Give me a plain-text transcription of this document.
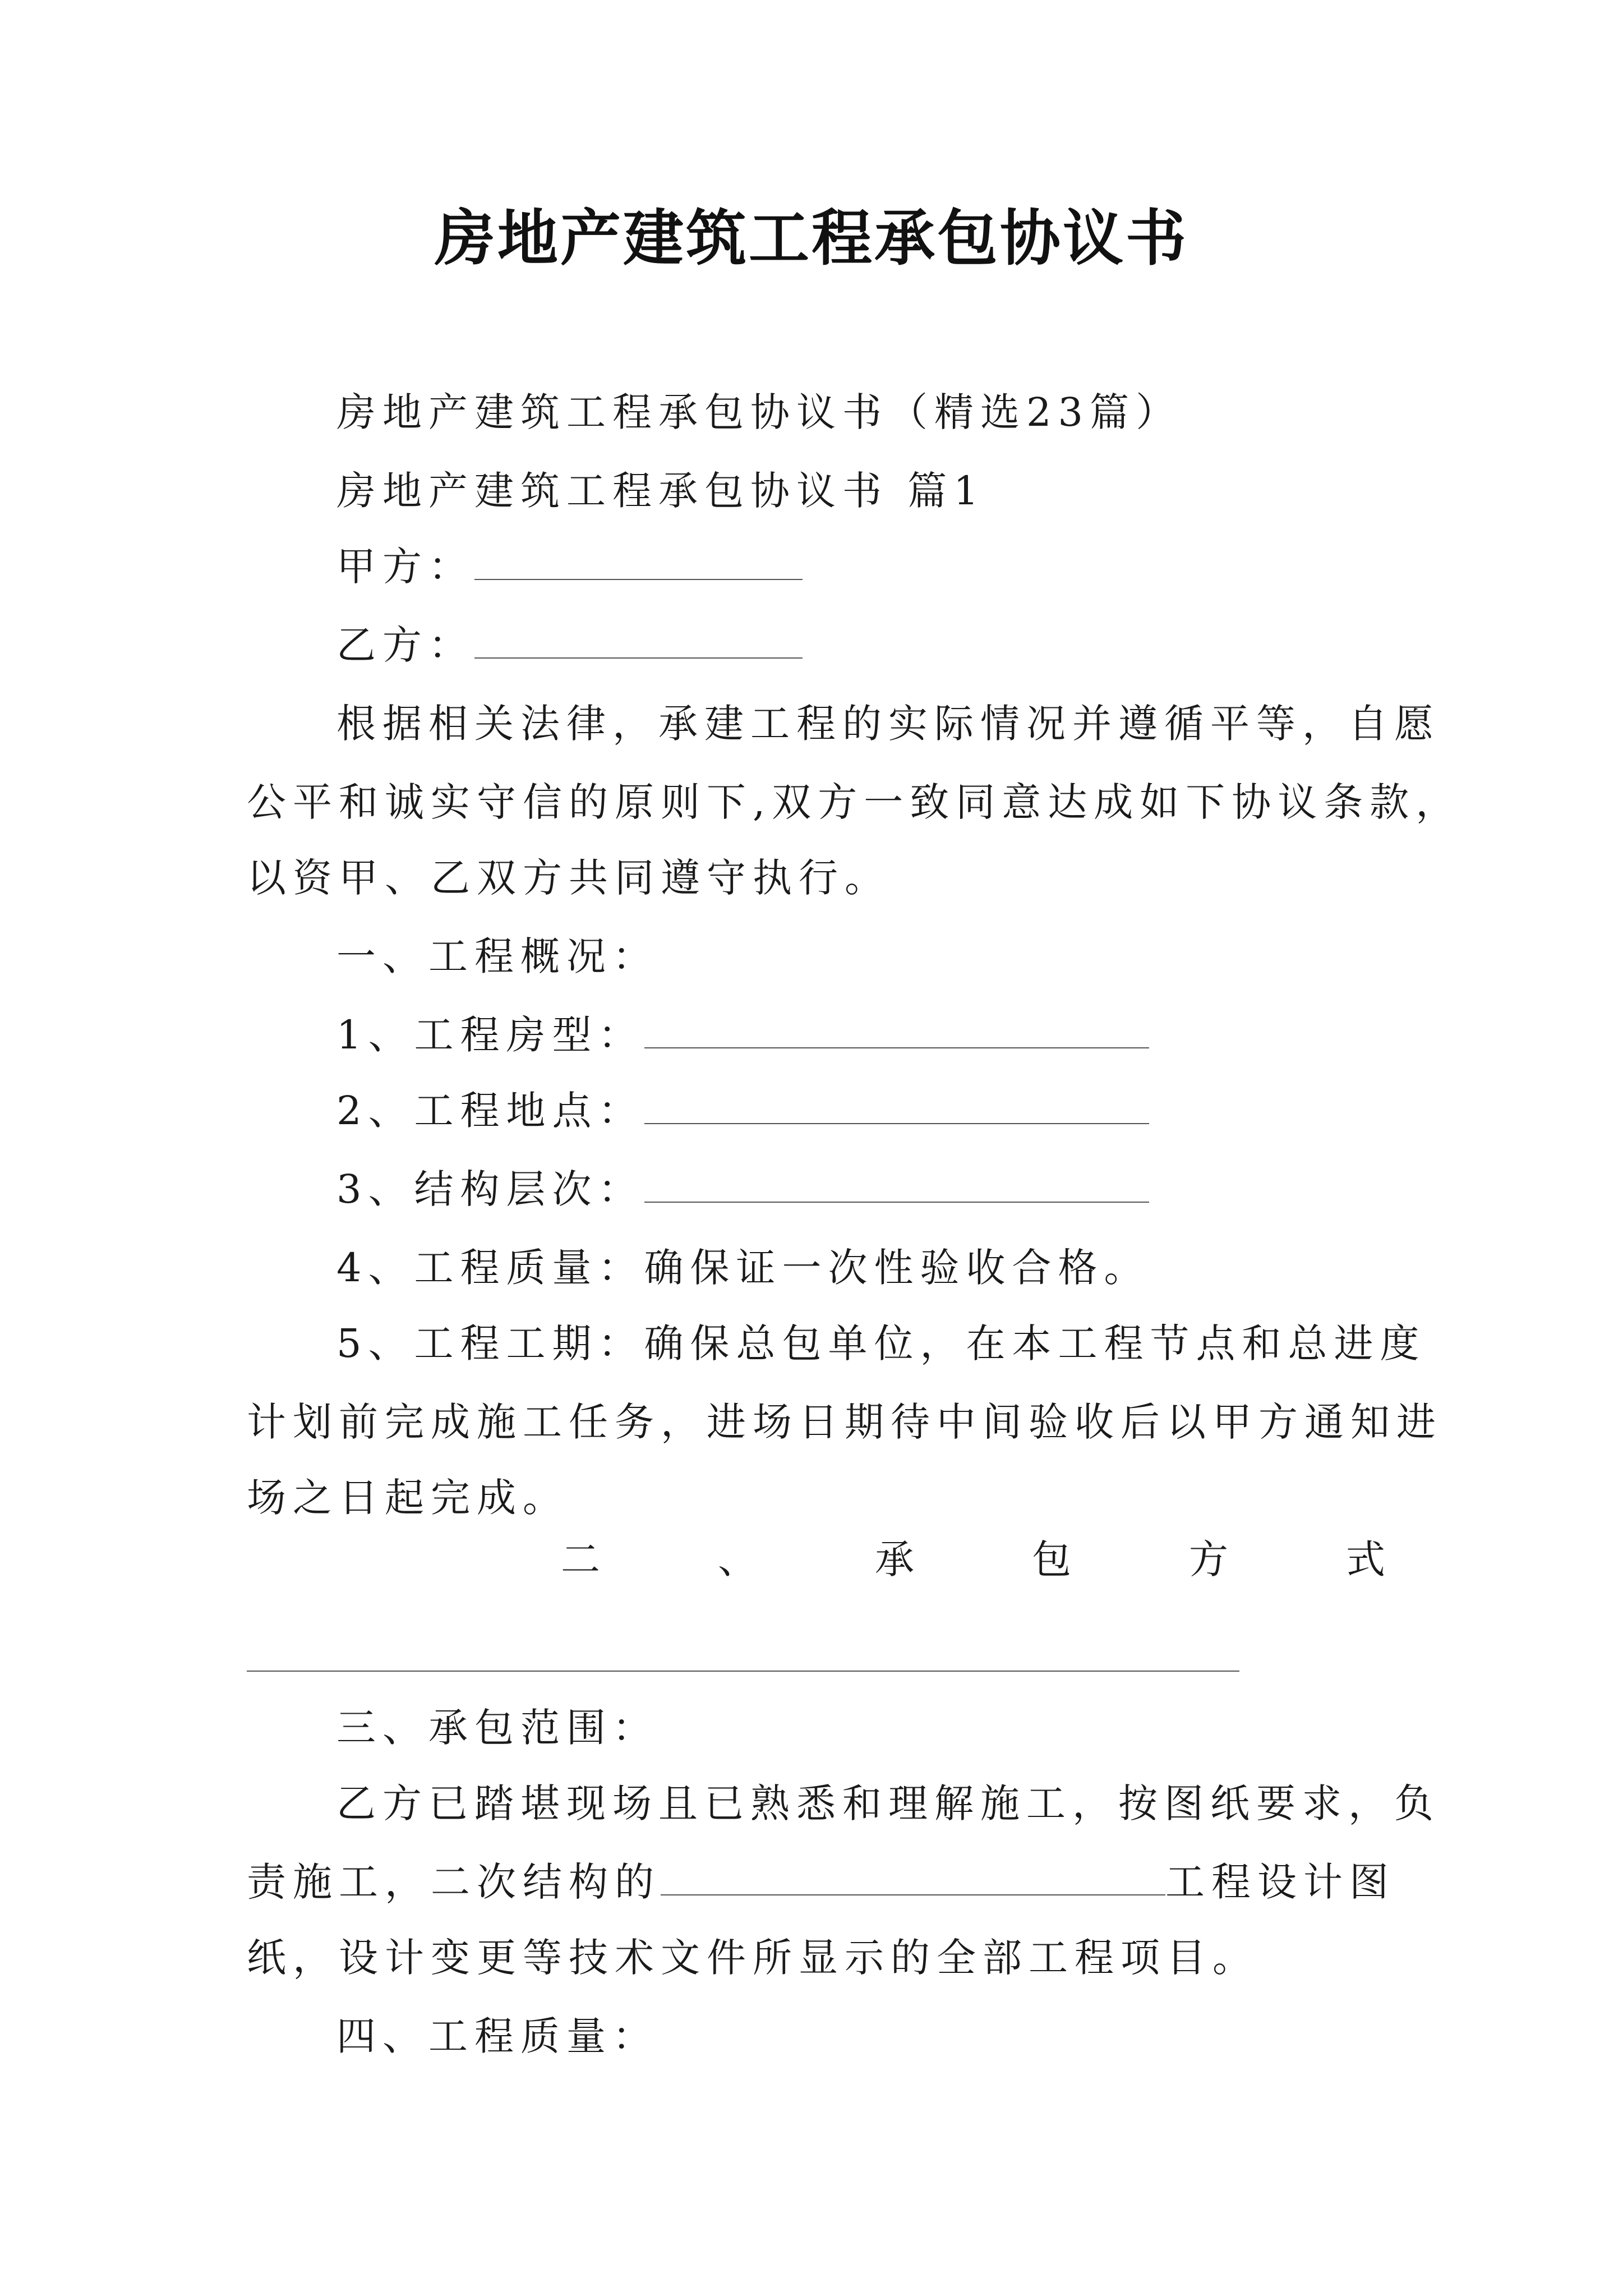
房地产建筑工程承包协议书
房地产建筑工程承包协议书（精选23篇）
房地产建筑工程承包协议书 篇1
甲方：
乙方：
根据相关法律，承建工程的实际情况并遵循平等，自愿
公平和诚实守信的原则下,双方一致同意达成如下协议条款，
以资甲、乙双方共同遵守执行。
一、工程概况：
1、工程房型：
2、工程地点：
3、结构层次：
4、工程质量：确保证一次性验收合格。
5、工程工期：确保总包单位，在本工程节点和总进度
计划前完成施工任务，进场日期待中间验收后以甲方通知进
场之日起完成。
二	、	承	包	方	式
三、承包范围：
乙方已踏堪现场且已熟悉和理解施工，按图纸要求，负
责施工，二次结构的	工程设计图
纸，设计变更等技术文件所显示的全部工程项目。
四、工程质量：
